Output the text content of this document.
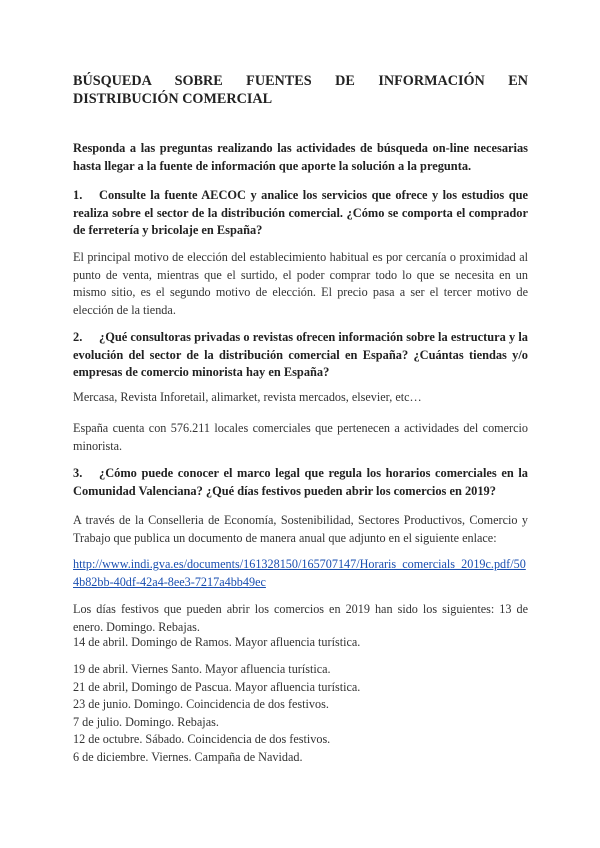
BÚSQUEDA SOBRE FUENTES DE INFORMACIÓN EN
DISTRIBUCIÓN COMERCIAL

Responda a las preguntas realizando las actividades de búsqueda on-line necesarias hasta llegar a la fuente de información que aporte la solución a la pregunta.

1. Consulte la fuente AECOC y analice los servicios que ofrece y los estudios que realiza sobre el sector de la distribución comercial. ¿Cómo se comporta el comprador de ferretería y bricolaje en España?

El principal motivo de elección del establecimiento habitual es por cercanía o proximidad al punto de venta, mientras que el surtido, el poder comprar todo lo que se necesita en un mismo sitio, es el segundo motivo de elección. El precio pasa a ser el tercer motivo de elección de la tienda.

2. ¿Qué consultoras privadas o revistas ofrecen información sobre la estructura y la evolución del sector de la distribución comercial en España? ¿Cuántas tiendas y/o empresas de comercio minorista hay en España?

Mercasa, Revista Inforetail, alimarket, revista mercados, elsevier, etc…

España cuenta con 576.211 locales comerciales que pertenecen a actividades del comercio minorista.

3. ¿Cómo puede conocer el marco legal que regula los horarios comerciales en la Comunidad Valenciana? ¿Qué días festivos pueden abrir los comercios en 2019?

A través de la Conselleria de Economía, Sostenibilidad, Sectores Productivos, Comercio y Trabajo que publica un documento de manera anual que adjunto en el siguiente enlace:

http://www.indi.gva.es/documents/161328150/165707147/Horaris_comercials_2019c.pdf/504b82bb-40df-42a4-8ee3-7217a4bb49ec

Los días festivos que pueden abrir los comercios en 2019 han sido los siguientes: 13 de enero. Domingo. Rebajas.

14 de abril. Domingo de Ramos. Mayor afluencia turística.

19 de abril. Viernes Santo. Mayor afluencia turística.
21 de abril, Domingo de Pascua. Mayor afluencia turística.
23 de junio. Domingo. Coincidencia de dos festivos.
7 de julio. Domingo. Rebajas.
12 de octubre. Sábado. Coincidencia de dos festivos.
6 de diciembre. Viernes. Campaña de Navidad.
